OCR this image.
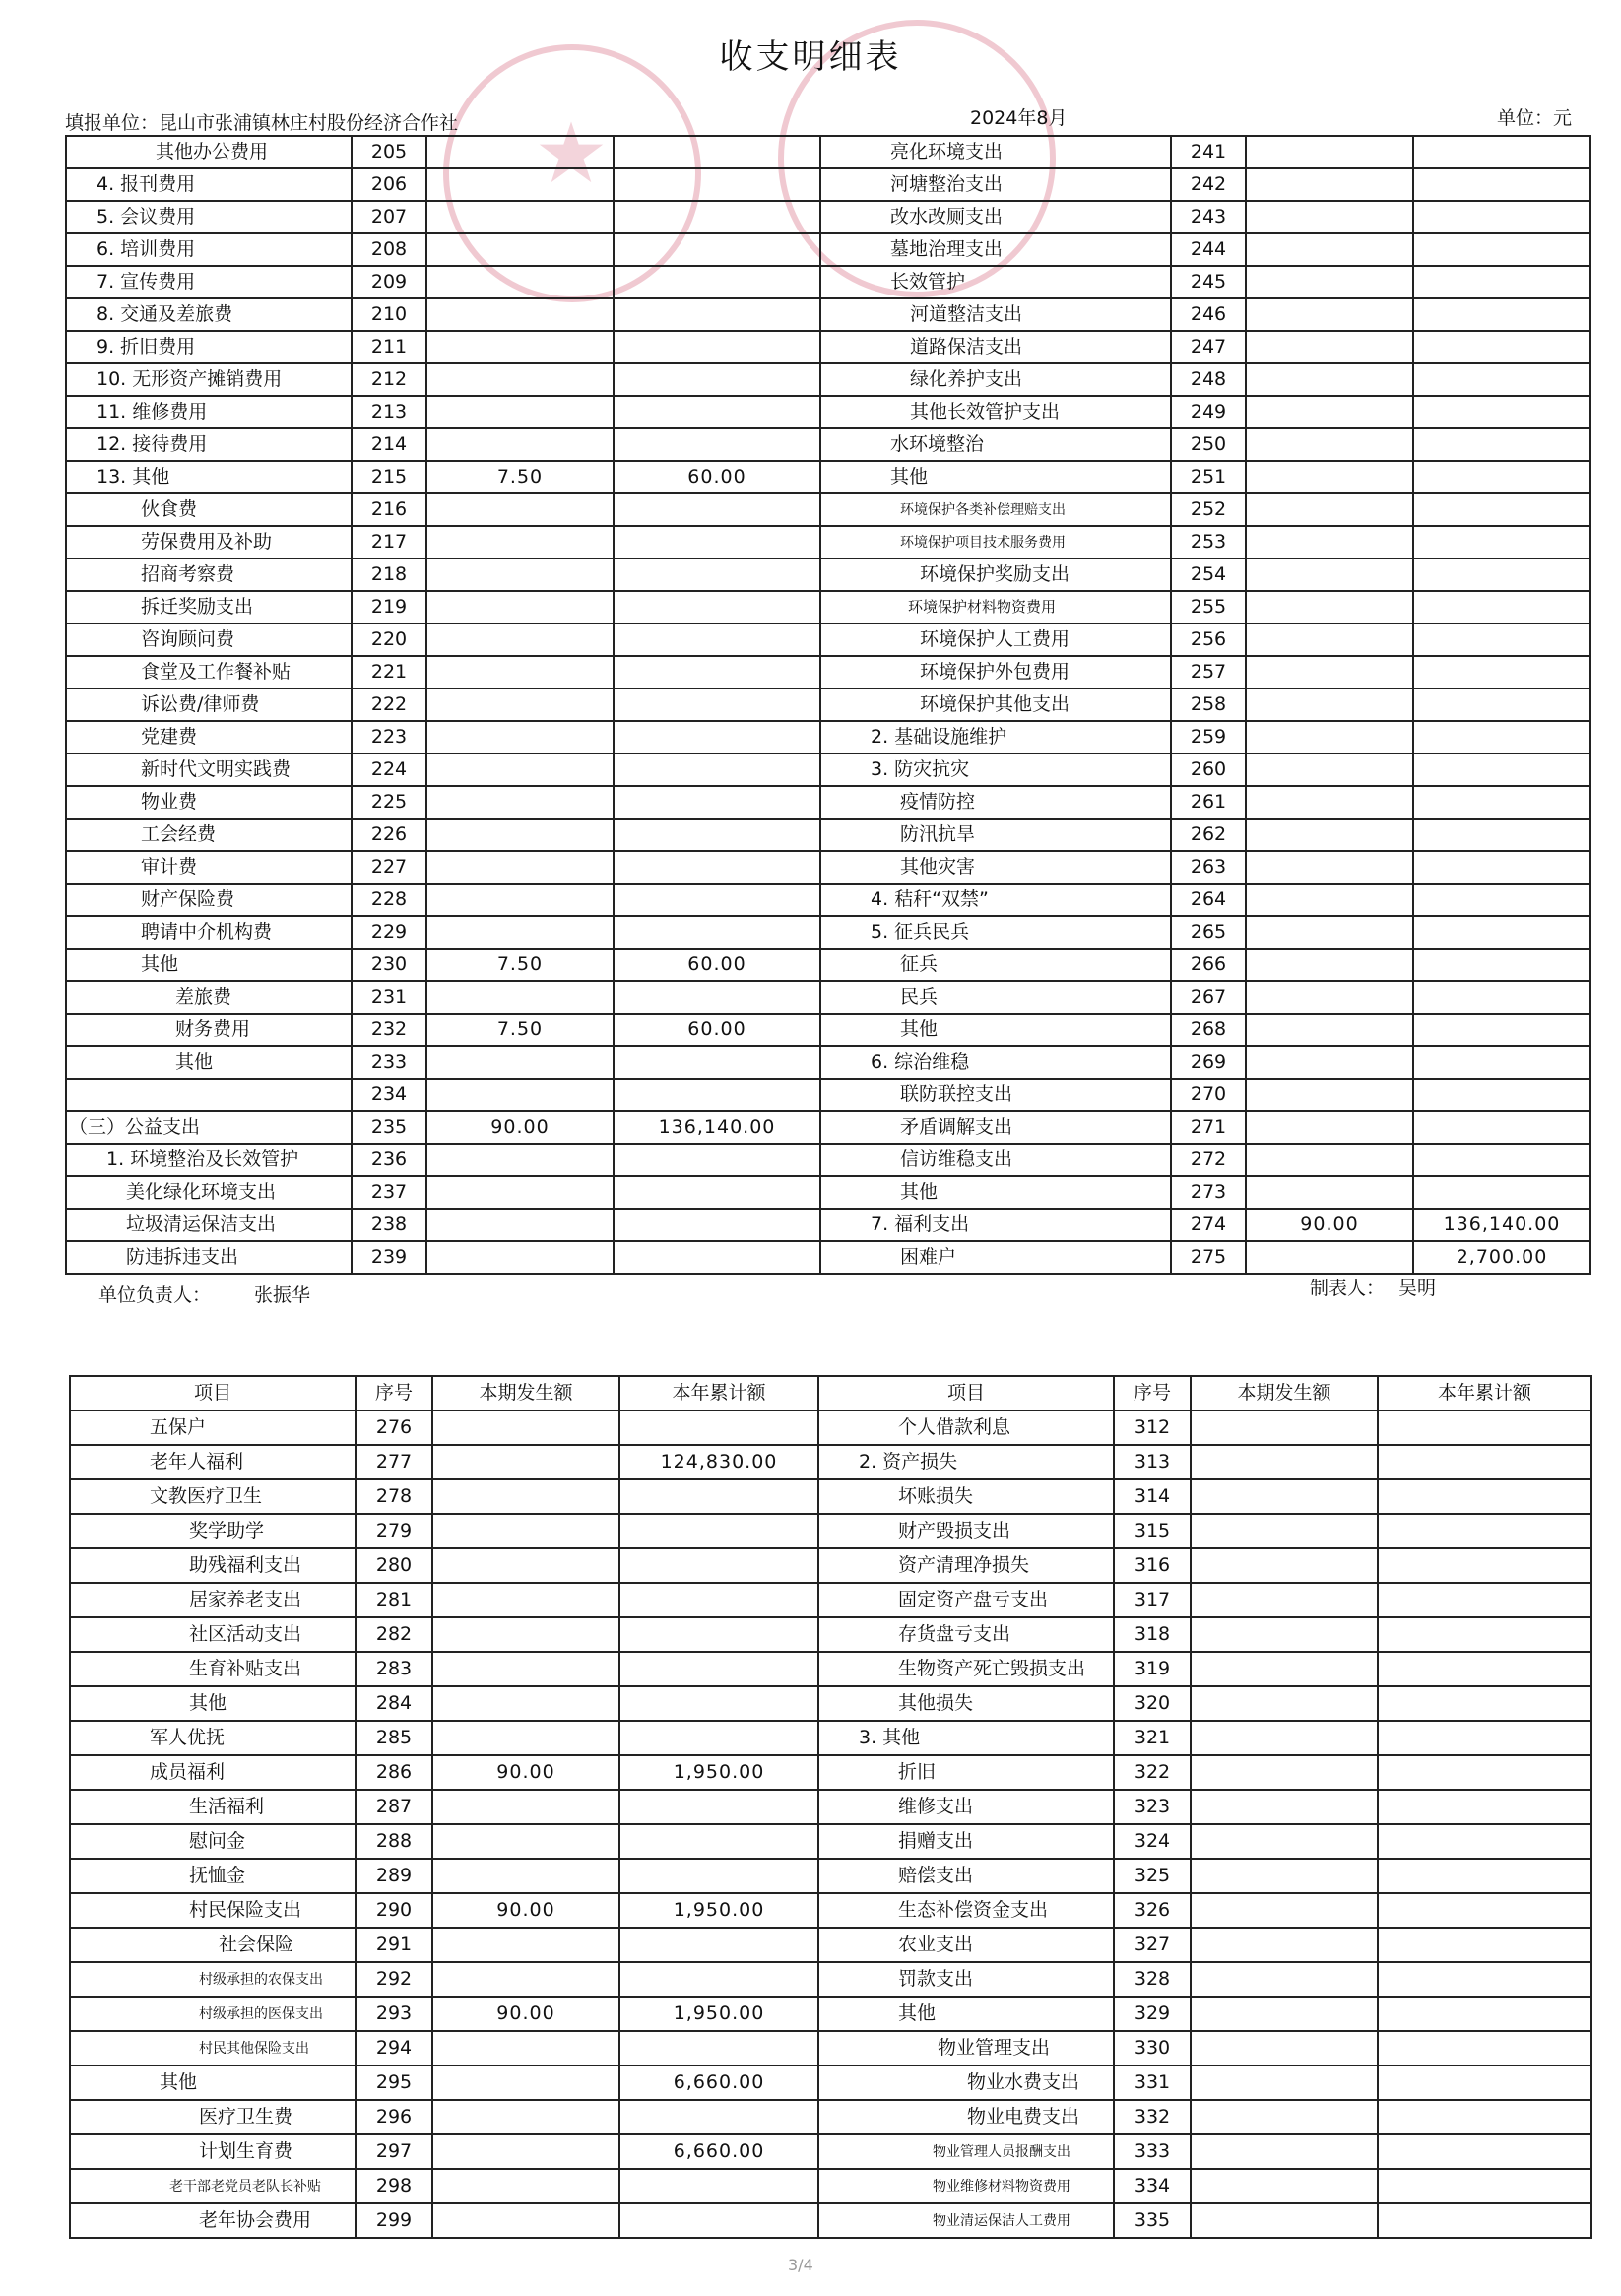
收支明细表
填报单位：昆山市张浦镇林庄村股份经济合作社	2024年8月	单位：元
其他办公费用	205			亮化环境支出	241		
4. 报刊费用	206			河塘整治支出	242		
5. 会议费用	207			改水改厕支出	243		
6. 培训费用	208			墓地治理支出	244		
7. 宣传费用	209			长效管护	245		
8. 交通及差旅费	210			河道整洁支出	246		
9. 折旧费用	211			道路保洁支出	247		
10. 无形资产摊销费用	212			绿化养护支出	248		
11. 维修费用	213			其他长效管护支出	249		
12. 接待费用	214			水环境整治	250		
13. 其他	215	7.50	60.00	其他	251		
伙食费	216			环境保护各类补偿理赔支出	252		
劳保费用及补助	217			环境保护项目技术服务费用	253		
招商考察费	218			环境保护奖励支出	254		
拆迁奖励支出	219			环境保护材料物资费用	255		
咨询顾问费	220			环境保护人工费用	256		
食堂及工作餐补贴	221			环境保护外包费用	257		
诉讼费/律师费	222			环境保护其他支出	258		
党建费	223			2. 基础设施维护	259		
新时代文明实践费	224			3. 防灾抗灾	260		
物业费	225			疫情防控	261		
工会经费	226			防汛抗旱	262		
审计费	227			其他灾害	263		
财产保险费	228			4. 秸秆“双禁”	264		
聘请中介机构费	229			5. 征兵民兵	265		
其他	230	7.50	60.00	征兵	266		
差旅费	231			民兵	267		
财务费用	232	7.50	60.00	其他	268		
其他	233			6. 综治维稳	269		
	234			联防联控支出	270		
（三）公益支出	235	90.00	136,140.00	矛盾调解支出	271		
1. 环境整治及长效管护	236			信访维稳支出	272		
美化绿化环境支出	237			其他	273		
垃圾清运保洁支出	238			7. 福利支出	274	90.00	136,140.00
防违拆违支出	239			困难户	275		2,700.00
单位负责人： 张振华	制表人： 吴明
项目	序号	本期发生额	本年累计额	项目	序号	本期发生额	本年累计额
五保户	276			个人借款利息	312		
老年人福利	277		124,830.00	2. 资产损失	313		
文教医疗卫生	278			坏账损失	314		
奖学助学	279			财产毁损支出	315		
助残福利支出	280			资产清理净损失	316		
居家养老支出	281			固定资产盘亏支出	317		
社区活动支出	282			存货盘亏支出	318		
生育补贴支出	283			生物资产死亡毁损支出	319		
其他	284			其他损失	320		
军人优抚	285			3. 其他	321		
成员福利	286	90.00	1,950.00	折旧	322		
生活福利	287			维修支出	323		
慰问金	288			捐赠支出	324		
抚恤金	289			赔偿支出	325		
村民保险支出	290	90.00	1,950.00	生态补偿资金支出	326		
社会保险	291			农业支出	327		
村级承担的农保支出	292			罚款支出	328		
村级承担的医保支出	293	90.00	1,950.00	其他	329		
村民其他保险支出	294			物业管理支出	330		
其他	295		6,660.00	物业水费支出	331		
医疗卫生费	296			物业电费支出	332		
计划生育费	297		6,660.00	物业管理人员报酬支出	333		
老干部老党员老队长补贴	298			物业维修材料物资费用	334		
老年协会费用	299			物业清运保洁人工费用	335		
3/4
